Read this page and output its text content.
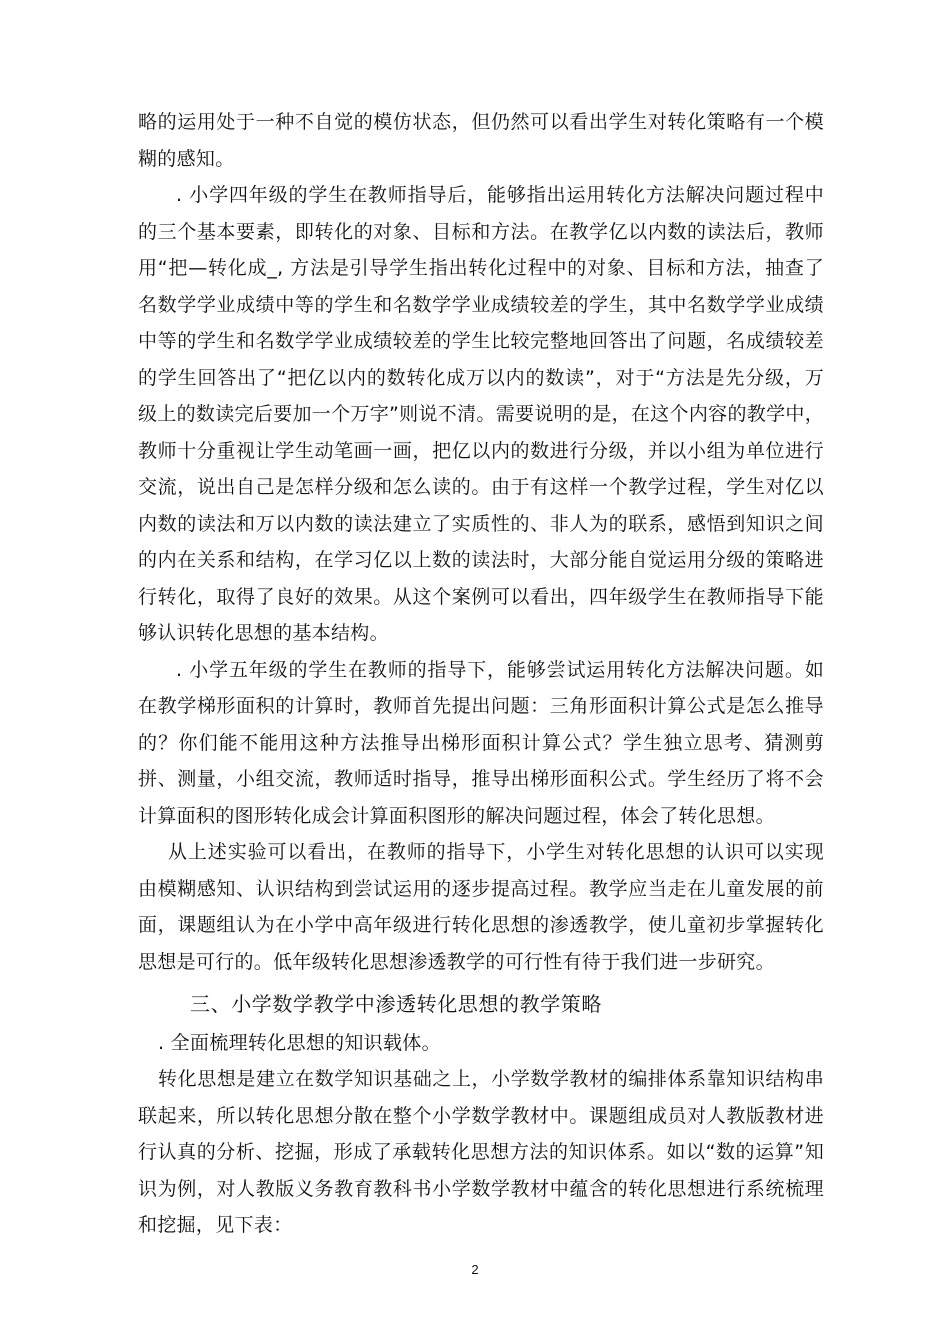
略的运用处于一种不自觉的模仿状态，但仍然可以看出学生对转化策略有一个模糊的感知。

. 小学四年级的学生在教师指导后，能够指出运用转化方法解决问题过程中的三个基本要素，即转化的对象、目标和方法。在教学亿以内数的读法后，教师用“把—转化成_, 方法是引导学生指出转化过程中的对象、目标和方法，抽查了名数学学业成绩中等的学生和名数学学业成绩较差的学生，其中名数学学业成绩中等的学生和名数学学业成绩较差的学生比较完整地回答出了问题，名成绩较差的学生回答出了“把亿以内的数转化成万以内的数读”，对于“方法是先分级，万级上的数读完后要加一个万字”则说不清。需要说明的是，在这个内容的教学中，教师十分重视让学生动笔画一画，把亿以内的数进行分级，并以小组为单位进行交流，说出自己是怎样分级和怎么读的。由于有这样一个教学过程，学生对亿以内数的读法和万以内数的读法建立了实质性的、非人为的联系，感悟到知识之间的内在关系和结构，在学习亿以上数的读法时，大部分能自觉运用分级的策略进行转化，取得了良好的效果。从这个案例可以看出，四年级学生在教师指导下能够认识转化思想的基本结构。

. 小学五年级的学生在教师的指导下，能够尝试运用转化方法解决问题。如在教学梯形面积的计算时，教师首先提出问题：三角形面积计算公式是怎么推导的？你们能不能用这种方法推导出梯形面积计算公式？学生独立思考、猜测剪拼、测量，小组交流，教师适时指导，推导出梯形面积公式。学生经历了将不会计算面积的图形转化成会计算面积图形的解决问题过程，体会了转化思想。

从上述实验可以看出，在教师的指导下，小学生对转化思想的认识可以实现由模糊感知、认识结构到尝试运用的逐步提高过程。教学应当走在儿童发展的前面，课题组认为在小学中高年级进行转化思想的渗透教学，使儿童初步掌握转化思想是可行的。低年级转化思想渗透教学的可行性有待于我们进一步研究。

三、小学数学教学中渗透转化思想的教学策略

. 全面梳理转化思想的知识载体。

转化思想是建立在数学知识基础之上，小学数学教材的编排体系靠知识结构串联起来，所以转化思想分散在整个小学数学教材中。课题组成员对人教版教材进行认真的分析、挖掘，形成了承载转化思想方法的知识体系。如以“数的运算”知识为例，对人教版义务教育教科书小学数学教材中蕴含的转化思想进行系统梳理和挖掘，见下表：

2
